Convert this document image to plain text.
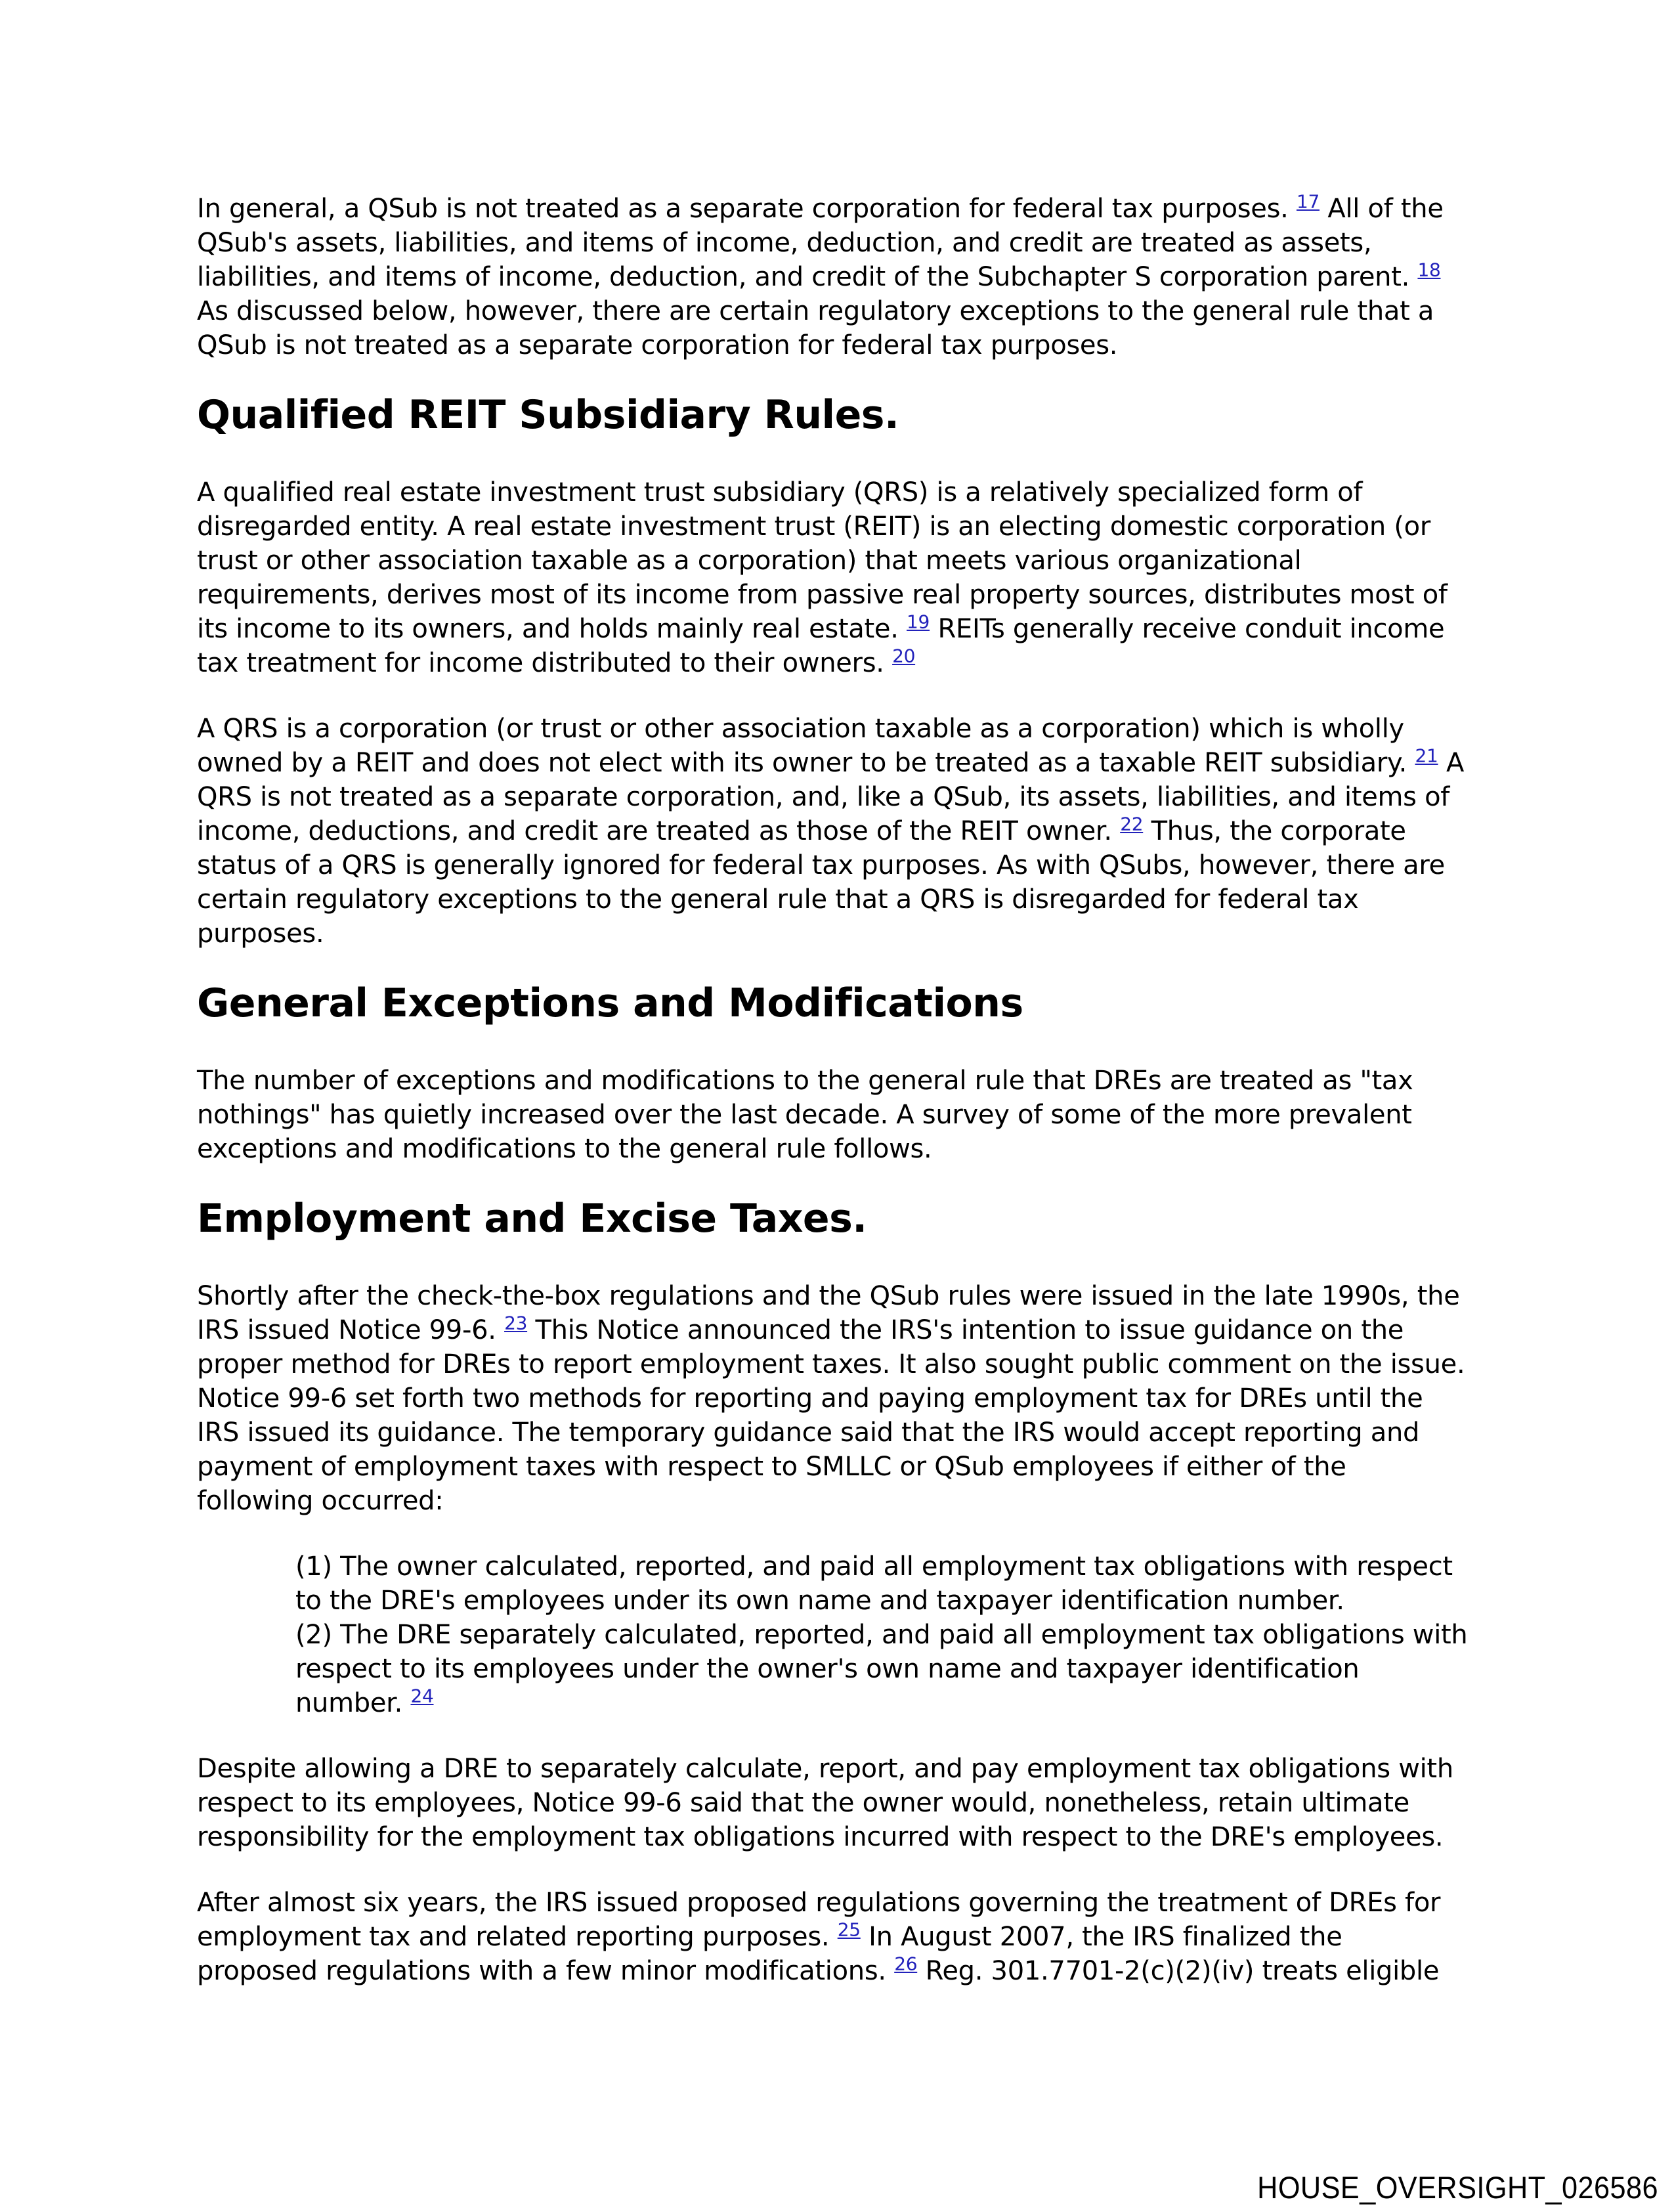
In general, a QSub is not treated as a separate corporation for federal tax purposes. $^{17}$ All of the QSub's assets, liabilities, and items of income, deduction, and credit are treated as assets, liabilities, and items of income, deduction, and credit of the Subchapter S corporation parent. $^{18}$ As discussed below, however, there are certain regulatory exceptions to the general rule that a QSub is not treated as a separate corporation for federal tax purposes.

Qualified REIT Subsidiary Rules.

A qualified real estate investment trust subsidiary (QRS) is a relatively specialized form of disregarded entity. A real estate investment trust (REIT) is an electing domestic corporation (or trust or other association taxable as a corporation) that meets various organizational requirements, derives most of its income from passive real property sources, distributes most of its income to its owners, and holds mainly real estate. $^{19}$ REITs generally receive conduit income tax treatment for income distributed to their owners. $^{20}$

A QRS is a corporation (or trust or other association taxable as a corporation) which is wholly owned by a REIT and does not elect with its owner to be treated as a taxable REIT subsidiary. $^{21}$ A QRS is not treated as a separate corporation, and, like a QSub, its assets, liabilities, and items of income, deductions, and credit are treated as those of the REIT owner. $^{22}$ Thus, the corporate status of a QRS is generally ignored for federal tax purposes. As with QSubs, however, there are certain regulatory exceptions to the general rule that a QRS is disregarded for federal tax purposes.

General Exceptions and Modifications

The number of exceptions and modifications to the general rule that DREs are treated as "tax nothings" has quietly increased over the last decade. A survey of some of the more prevalent exceptions and modifications to the general rule follows.

Employment and Excise Taxes.

Shortly after the check-the-box regulations and the QSub rules were issued in the late 1990s, the IRS issued Notice 99-6. $^{23}$ This Notice announced the IRS's intention to issue guidance on the proper method for DREs to report employment taxes. It also sought public comment on the issue. Notice 99-6 set forth two methods for reporting and paying employment tax for DREs until the IRS issued its guidance. The temporary guidance said that the IRS would accept reporting and payment of employment taxes with respect to SMLLC or QSub employees if either of the following occurred:

(1) The owner calculated, reported, and paid all employment tax obligations with respect to the DRE's employees under its own name and taxpayer identification number.
(2) The DRE separately calculated, reported, and paid all employment tax obligations with respect to its employees under the owner's own name and taxpayer identification number. $^{24}$

Despite allowing a DRE to separately calculate, report, and pay employment tax obligations with respect to its employees, Notice 99-6 said that the owner would, nonetheless, retain ultimate responsibility for the employment tax obligations incurred with respect to the DRE's employees.

After almost six years, the IRS issued proposed regulations governing the treatment of DREs for employment tax and related reporting purposes. $^{25}$ In August 2007, the IRS finalized the proposed regulations with a few minor modifications. $^{26}$ Reg. 301.7701-2(c)(2)(iv) treats eligible

HOUSE_OVERSIGHT_026586
